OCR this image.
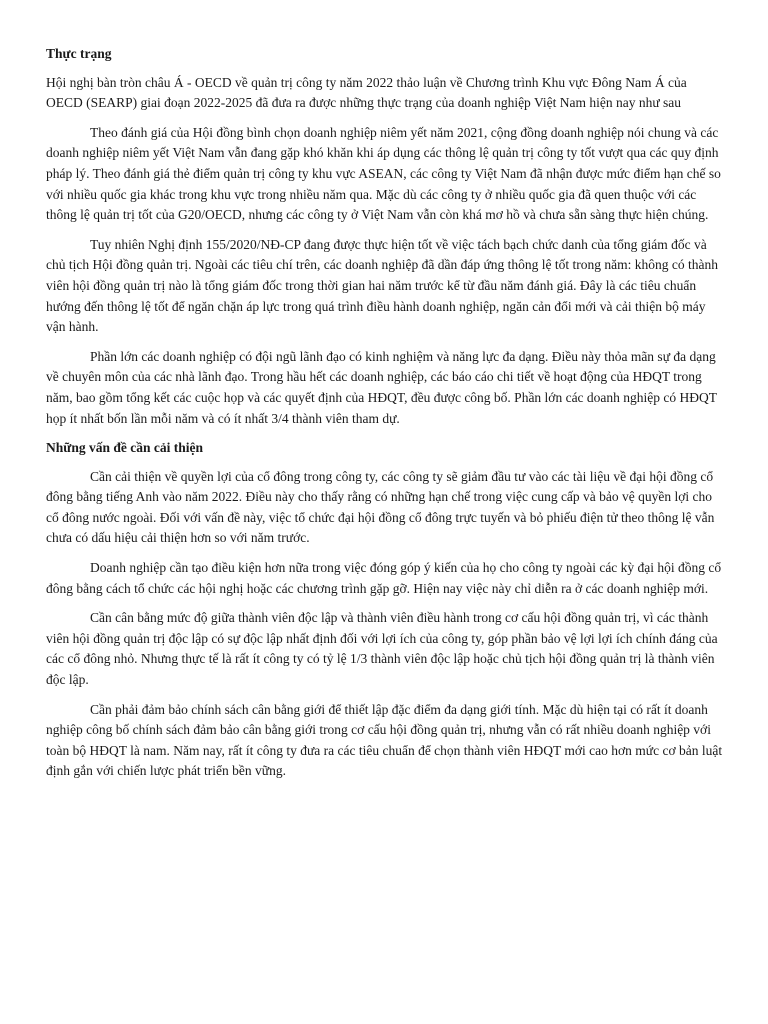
Thực trạng

Hội nghị bàn tròn châu Á - OECD về quản trị công ty năm 2022 thảo luận về Chương trình Khu vực Đông Nam Á của OECD (SEARP) giai đoạn 2022-2025 đã đưa ra được những thực trạng của doanh nghiệp Việt Nam hiện nay như sau

Theo đánh giá của Hội đồng bình chọn doanh nghiệp niêm yết năm 2021, cộng đồng doanh nghiệp nói chung và các doanh nghiệp niêm yết Việt Nam vẫn đang gặp khó khăn khi áp dụng các thông lệ quản trị công ty tốt vượt qua các quy định pháp lý. Theo đánh giá thẻ điểm quản trị công ty khu vực ASEAN, các công ty Việt Nam đã nhận được mức điểm hạn chế so với nhiều quốc gia khác trong khu vực trong nhiều năm qua. Mặc dù các công ty ở nhiều quốc gia đã quen thuộc với các thông lệ quản trị tốt của G20/OECD, nhưng các công ty ở Việt Nam vẫn còn khá mơ hồ và chưa sẵn sàng thực hiện chúng.

Tuy nhiên Nghị định 155/2020/NĐ-CP đang được thực hiện tốt về việc tách bạch chức danh của tổng giám đốc và chủ tịch Hội đồng quản trị. Ngoài các tiêu chí trên, các doanh nghiệp đã dần đáp ứng thông lệ tốt trong năm: không có thành viên hội đồng quản trị nào là tổng giám đốc trong thời gian hai năm trước kể từ đầu năm đánh giá. Đây là các tiêu chuẩn hướng đến thông lệ tốt để ngăn chặn áp lực trong quá trình điều hành doanh nghiệp, ngăn cản đổi mới và cải thiện bộ máy vận hành.

Phần lớn các doanh nghiệp có đội ngũ lãnh đạo có kinh nghiệm và năng lực đa dạng. Điều này thỏa mãn sự đa dạng về chuyên môn của các nhà lãnh đạo. Trong hầu hết các doanh nghiệp, các báo cáo chi tiết về hoạt động của HĐQT trong năm, bao gồm tổng kết các cuộc họp và các quyết định của HĐQT, đều được công bố. Phần lớn các doanh nghiệp có HĐQT họp ít nhất bốn lần mỗi năm và có ít nhất 3/4 thành viên tham dự.

Những vấn đề cần cải thiện

Cần cải thiện về quyền lợi của cổ đông trong công ty, các công ty sẽ giảm đầu tư vào các tài liệu về đại hội đồng cổ đông bằng tiếng Anh vào năm 2022. Điều này cho thấy rằng có những hạn chế trong việc cung cấp và bảo vệ quyền lợi cho cổ đông nước ngoài. Đối với vấn đề này, việc tổ chức đại hội đồng cổ đông trực tuyến và bỏ phiếu điện tử theo thông lệ vẫn chưa có dấu hiệu cải thiện hơn so với năm trước.

Doanh nghiệp cần tạo điều kiện hơn nữa trong việc đóng góp ý kiến của họ cho công ty ngoài các kỳ đại hội đồng cổ đông bằng cách tổ chức các hội nghị hoặc các chương trình gặp gỡ. Hiện nay việc này chỉ diễn ra ở các doanh nghiệp mới.

Cần cân bằng mức độ giữa thành viên độc lập và thành viên điều hành trong cơ cấu hội đồng quản trị, vì các thành viên hội đồng quản trị độc lập có sự độc lập nhất định đối với lợi ích của công ty, góp phần bảo vệ lợi lợi ích chính đáng của các cổ đông nhỏ. Nhưng thực tế là rất ít công ty có tỷ lệ 1/3 thành viên độc lập hoặc chủ tịch hội đồng quản trị là thành viên độc lập.

Cần phải đảm bảo chính sách cân bằng giới để thiết lập đặc điểm đa dạng giới tính. Mặc dù hiện tại có rất ít doanh nghiệp công bố chính sách đảm bảo cân bằng giới trong cơ cấu hội đồng quản trị, nhưng vẫn có rất nhiều doanh nghiệp với toàn bộ HĐQT là nam. Năm nay, rất ít công ty đưa ra các tiêu chuẩn để chọn thành viên HĐQT mới cao hơn mức cơ bản luật định gắn với chiến lược phát triển bền vững.
